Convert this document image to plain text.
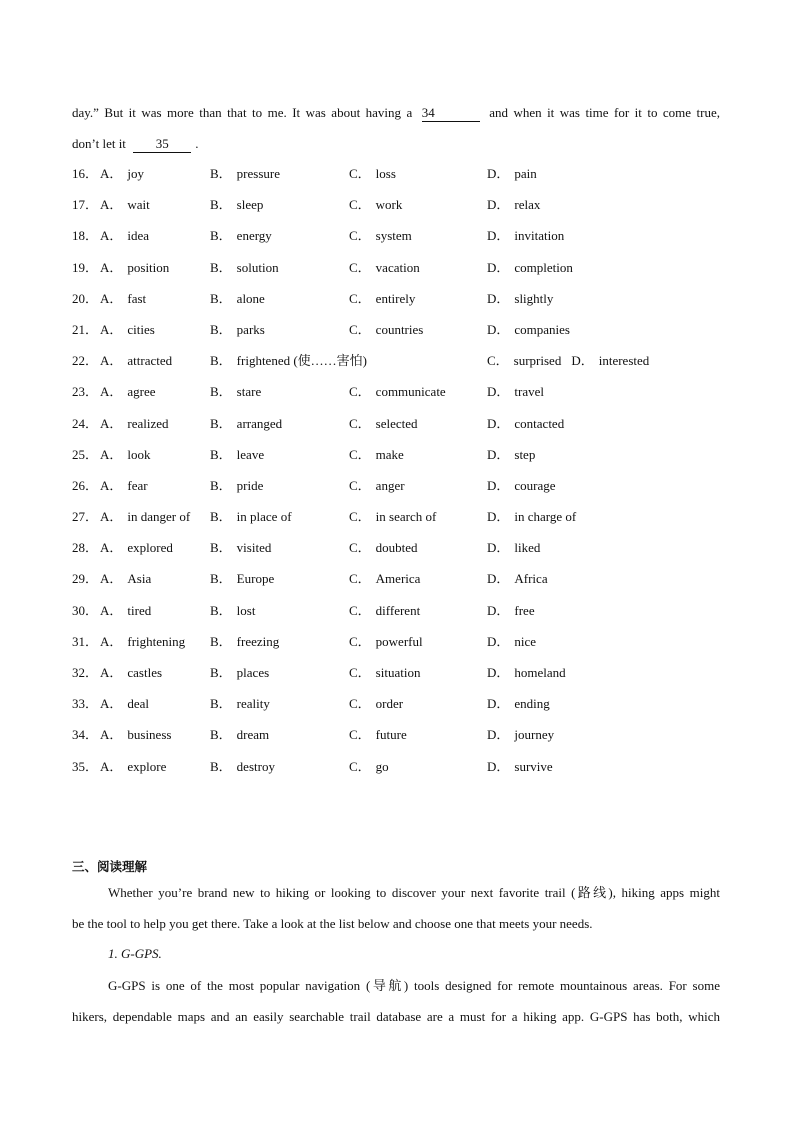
day.” But it was more than that to me. It was about having a 34	and when it was time for it to come true,
don’t let it 35 .
16． A． joy	B． pressure	C． loss	D． pain
17． A． wait	B． sleep	C． work	D． relax
18． A． idea	B． energy	C． system	D． invitation
19． A． position	B． solution	C． vacation	D． completion
20． A． fast	B． alone	C． entirely	D． slightly
21． A． cities	B． parks	C． countries	D． companies
22． A． attracted	B． frightened (使……害怕)	C． surprised D． interested
23． A． agree	B． stare	C． communicate	D． travel
24． A． realized	B． arranged	C． selected	D． contacted
25． A． look	B． leave	C． make	D． step
26． A． fear	B． pride	C． anger	D． courage
27． A． in danger of B． in place of	C． in search of	D． in charge of
28． A． explored	B． visited	C． doubted	D． liked
29． A． Asia	B． Europe	C． America	D． Africa
30． A． tired	B． lost	C． different	D． free
31． A． frightening B． freezing	C． powerful	D． nice
32． A． castles	B． places	C． situation	D． homeland
33． A． deal	B． reality	C． order	D． ending
34． A． business	B． dream	C． future	D． journey
35． A． explore	B． destroy	C． go	D． survive
三、阅读理解
Whether you’re brand new to hiking or looking to discover your next favorite trail (路线), hiking apps might
be the tool to help you get there. Take a look at the list below and choose one that meets your needs.
1. G-GPS.
G-GPS is one of the most popular navigation (导航) tools designed for remote mountainous areas. For some
hikers, dependable maps and an easily searchable trail database are a must for a hiking app. G-GPS has both, which
